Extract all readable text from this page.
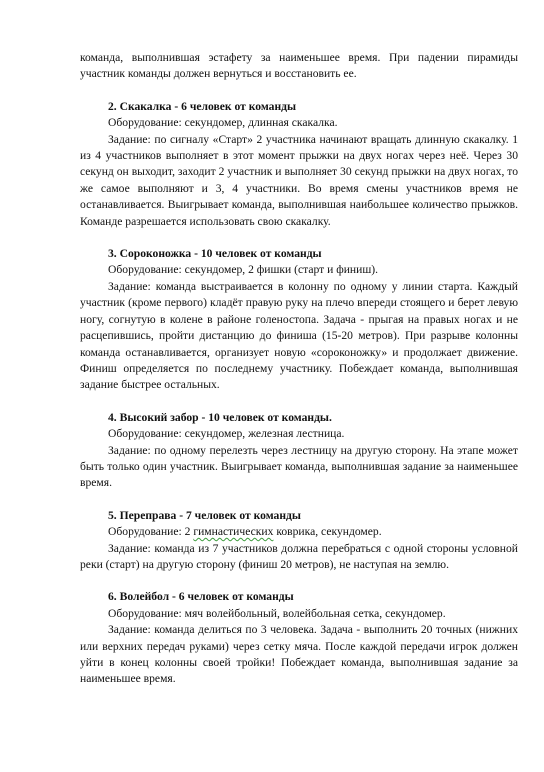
команда, выполнившая эстафету за наименьшее время. При падении пирамиды участник команды должен вернуться и восстановить ее.

2. Скакалка - 6 человек от команды

Оборудование: секундомер, длинная скакалка.

Задание: по сигналу «Старт» 2 участника начинают вращать длинную скакалку. 1 из 4 участников выполняет в этот момент прыжки на двух ногах через неё. Через 30 секунд он выходит, заходит 2 участник и выполняет 30 секунд прыжки на двух ногах, то же самое выполняют и 3, 4 участники. Во время смены участников время не останавливается. Выигрывает команда, выполнившая наибольшее количество прыжков. Команде разрешается использовать свою скакалку.

3. Сороконожка - 10 человек от команды

Оборудование: секундомер, 2 фишки (старт и финиш).

Задание: команда выстраивается в колонну по одному у линии старта. Каждый участник (кроме первого) кладёт правую руку на плечо впереди стоящего и берет левую ногу, согнутую в колене в районе голеностопа. Задача - прыгая на правых ногах и не расцепившись, пройти дистанцию до финиша (15-20 метров). При разрыве колонны команда останавливается, организует новую «сороконожку» и продолжает движение. Финиш определяется по последнему участнику. Побеждает команда, выполнившая задание быстрее остальных.

4. Высокий забор - 10 человек от команды.

Оборудование: секундомер, железная лестница.

Задание: по одному перелезть через лестницу на другую сторону. На этапе может быть только один участник. Выигрывает команда, выполнившая задание за наименьшее время.

5. Переправа - 7 человек от команды

Оборудование: 2 гимнастических коврика, секундомер.

Задание: команда из 7 участников должна перебраться с одной стороны условной реки (старт) на другую сторону (финиш 20 метров), не наступая на землю.

6. Волейбол - 6 человек от команды

Оборудование: мяч волейбольный, волейбольная сетка, секундомер.

Задание: команда делиться по 3 человека. Задача - выполнить 20 точных (нижних или верхних передач руками) через сетку мяча. После каждой передачи игрок должен уйти в конец колонны своей тройки! Побеждает команда, выполнившая задание за наименьшее время.
